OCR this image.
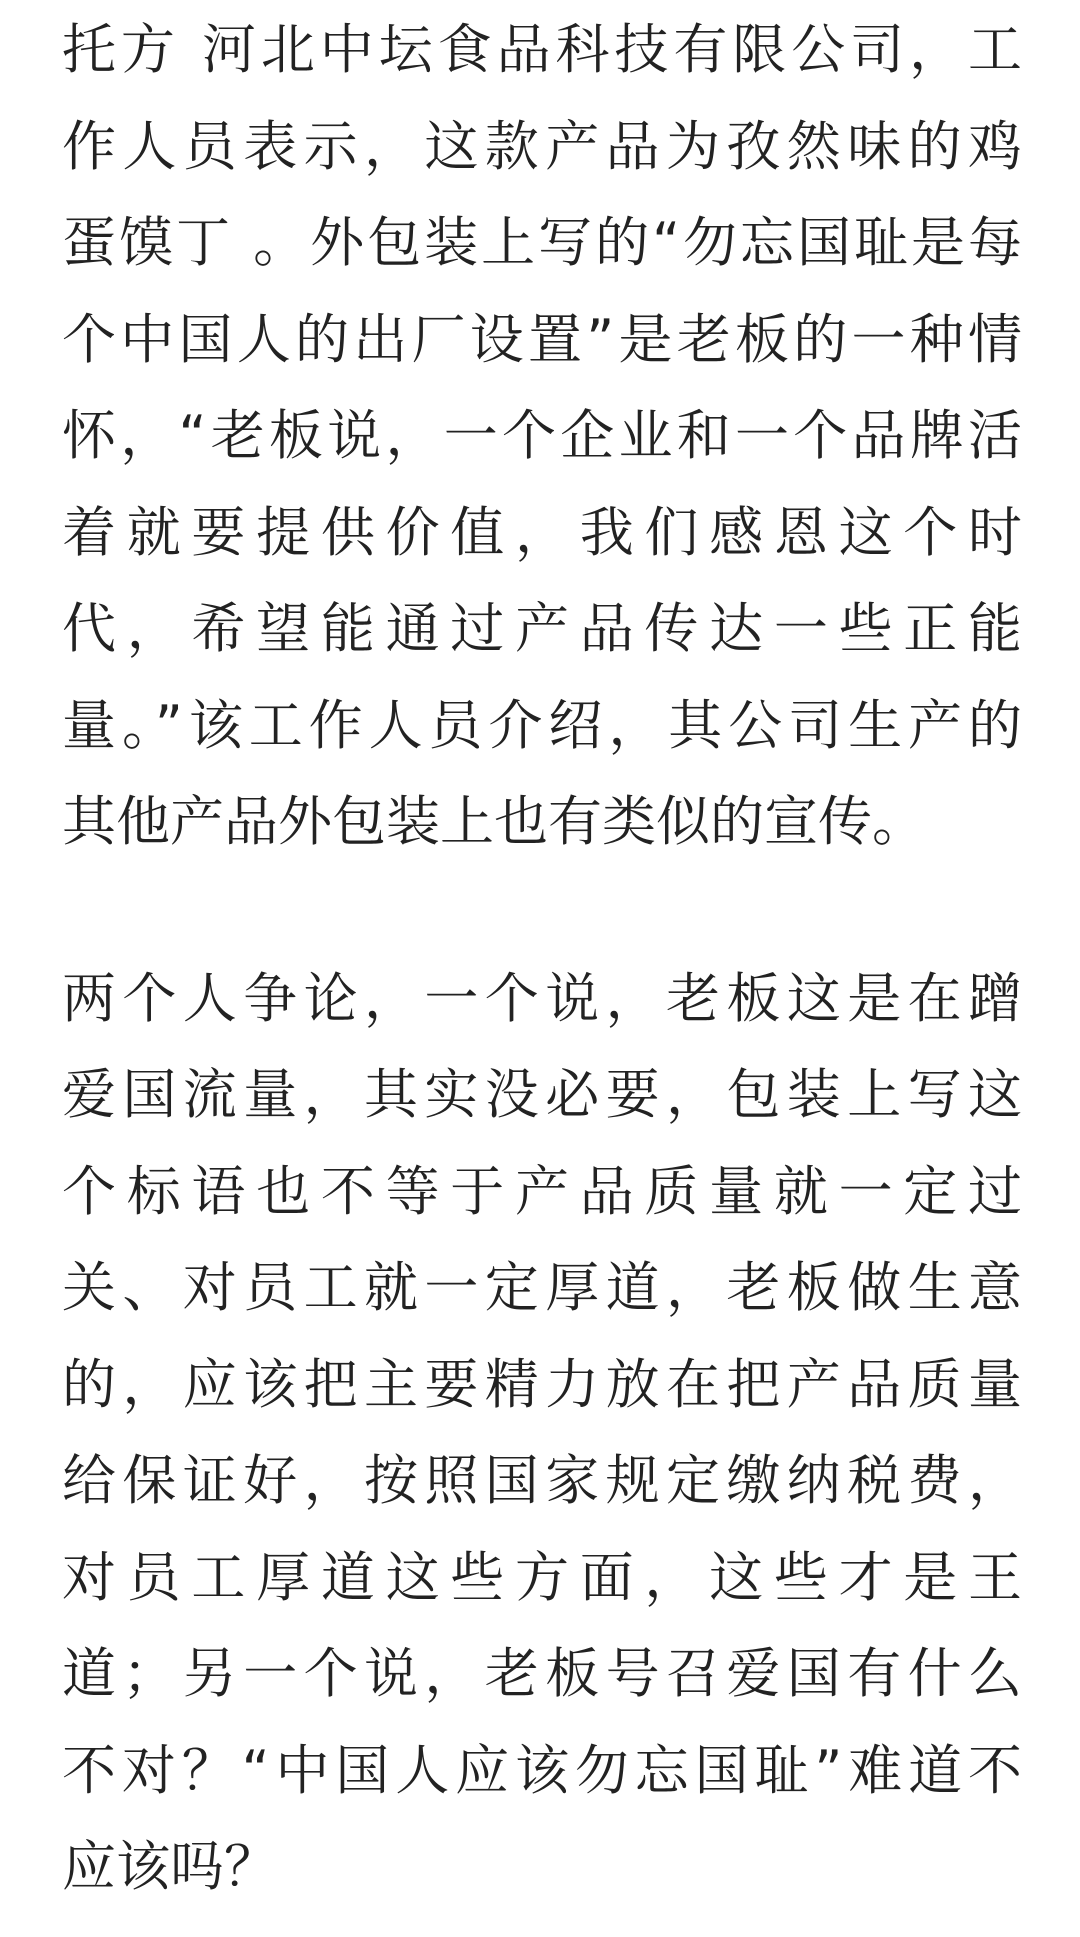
托方 河北中坛食品科技有限公司，工
作人员表示，这款产品为孜然味的鸡
蛋馍丁 。外包装上写的“勿忘国耻是每
个中国人的出厂设置”是老板的一种情
怀，“老板说，一个企业和一个品牌活
着就要提供价值，我们感恩这个时
代，希望能通过产品传达一些正能
量。”该工作人员介绍，其公司生产的
其他产品外包装上也有类似的宣传。
两个人争论，一个说，老板这是在蹭
爱国流量，其实没必要，包装上写这
个标语也不等于产品质量就一定过
关、对员工就一定厚道，老板做生意
的，应该把主要精力放在把产品质量
给保证好，按照国家规定缴纳税费，
对员工厚道这些方面，这些才是王
道；另一个说，老板号召爱国有什么
不对？“中国人应该勿忘国耻”难道不
应该吗？
